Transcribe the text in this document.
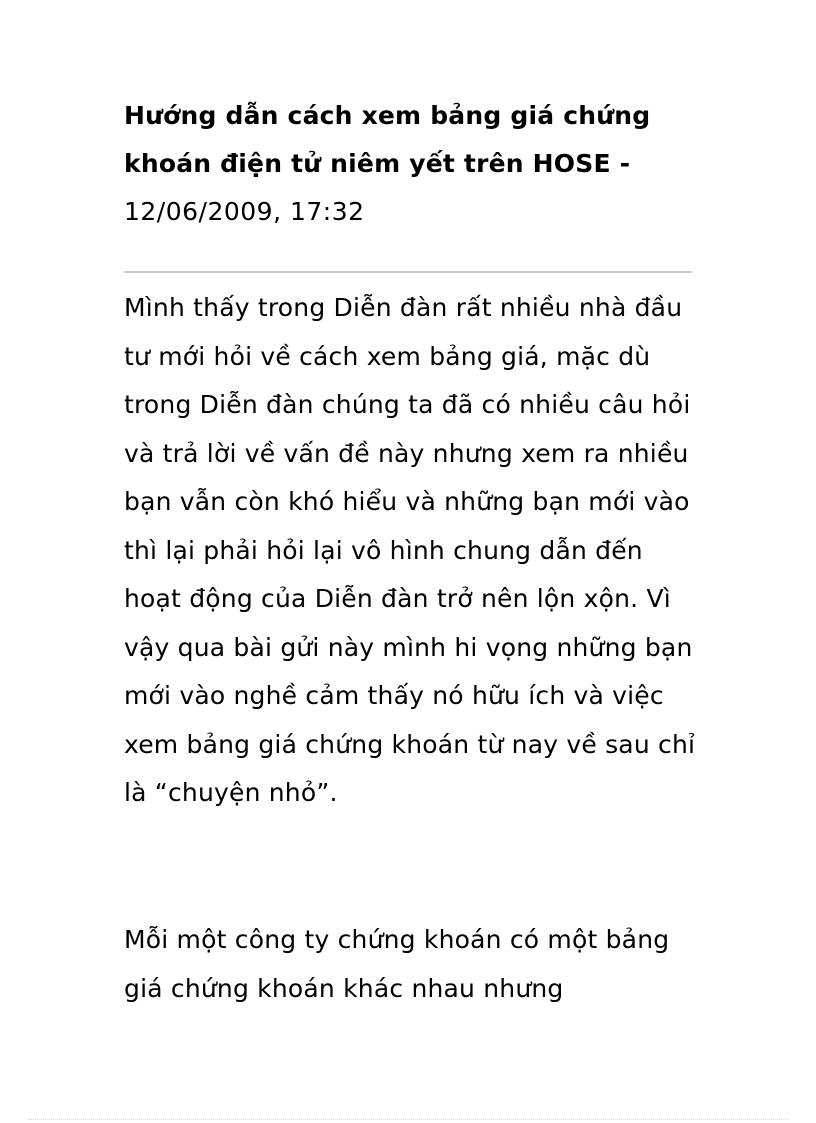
Hướng dẫn cách xem bảng giá chứng khoán điện tử niêm yết trên HOSE -
12/06/2009, 17:32

Mình thấy trong Diễn đàn rất nhiều nhà đầu tư mới hỏi về cách xem bảng giá, mặc dù trong Diễn đàn chúng ta đã có nhiều câu hỏi và trả lời về vấn đề này nhưng xem ra nhiều bạn vẫn còn khó hiểu và những bạn mới vào thì lại phải hỏi lại vô hình chung dẫn đến hoạt động của Diễn đàn trở nên lộn xộn. Vì vậy qua bài gửi này mình hi vọng những bạn mới vào nghề cảm thấy nó hữu ích và việc xem bảng giá chứng khoán từ nay về sau chỉ là “chuyện nhỏ”.

Mỗi một công ty chứng khoán có một bảng giá chứng khoán khác nhau nhưng
